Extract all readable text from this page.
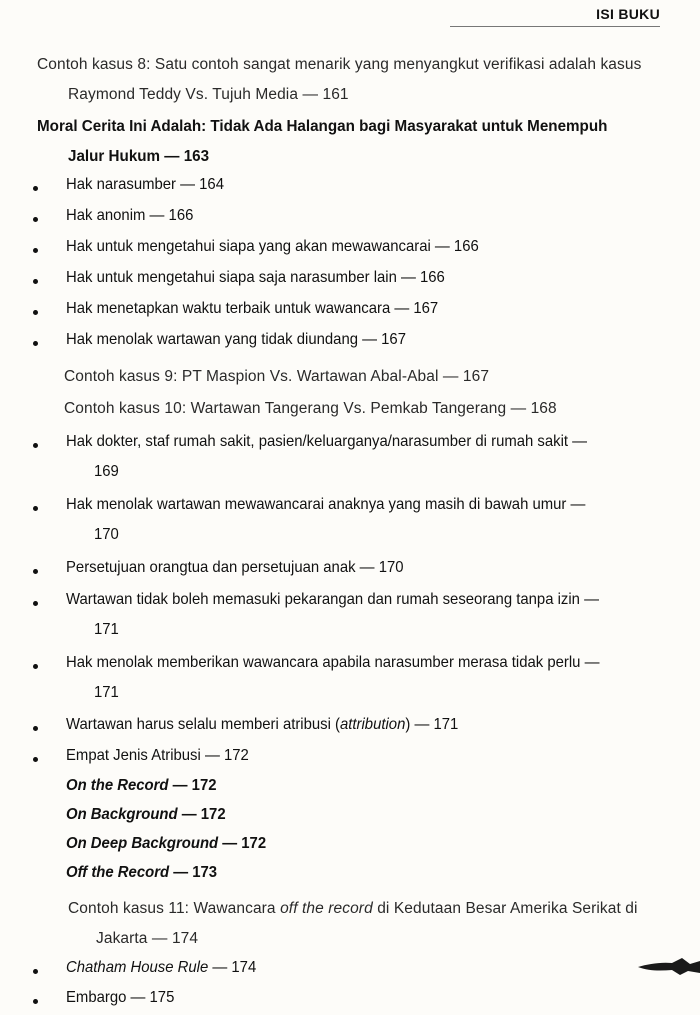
ISI BUKU
Contoh kasus 8: Satu contoh sangat menarik yang menyangkut verifikasi adalah kasus
Raymond Teddy Vs. Tujuh Media — 161
Moral Cerita Ini Adalah: Tidak Ada Halangan bagi Masyarakat untuk Menempuh
Jalur Hukum — 163
Hak narasumber — 164
Hak anonim — 166
Hak untuk mengetahui siapa yang akan mewawancarai — 166
Hak untuk mengetahui siapa saja narasumber lain — 166
Hak menetapkan waktu terbaik untuk wawancara — 167
Hak menolak wartawan yang tidak diundang — 167
Contoh kasus 9: PT Maspion Vs. Wartawan Abal-Abal — 167
Contoh kasus 10: Wartawan Tangerang Vs. Pemkab Tangerang — 168
Hak dokter, staf rumah sakit, pasien/keluarganya/narasumber di rumah sakit —
169
Hak menolak wartawan mewawancarai anaknya yang masih di bawah umur —
170
Persetujuan orangtua dan persetujuan anak — 170
Wartawan tidak boleh memasuki pekarangan dan rumah seseorang tanpa izin —
171
Hak menolak memberikan wawancara apabila narasumber merasa tidak perlu —
171
Wartawan harus selalu memberi atribusi (attribution) — 171
Empat Jenis Atribusi — 172
On the Record — 172
On Background — 172
On Deep Background — 172
Off the Record — 173
Contoh kasus 11: Wawancara off the record di Kedutaan Besar Amerika Serikat di
Jakarta — 174
Chatham House Rule — 174
Embargo — 175
